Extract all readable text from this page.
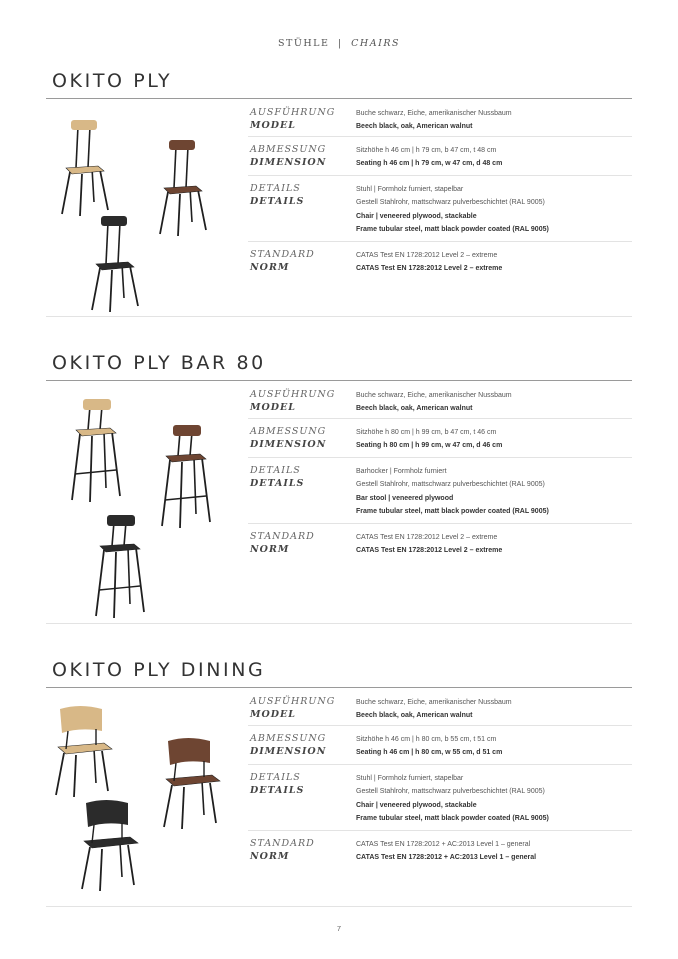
STÜHLE | CHAIRS
OKITO PLY
AUSFÜHRUNG
MODEL
Buche schwarz, Eiche, amerikanischer Nussbaum
Beech black, oak, American walnut
ABMESSUNG
DIMENSION
Sitzhöhe h 46 cm | h 79 cm, b 47 cm, t 48 cm
Seating h 46 cm | h 79 cm, w 47 cm, d 48 cm
DETAILS
DETAILS
Stuhl | Formholz furniert, stapelbar
Gestell Stahlrohr, mattschwarz pulverbeschichtet (RAL 9005)
Chair | veneered plywood, stackable
Frame tubular steel, matt black powder coated (RAL 9005)
STANDARD
NORM
CATAS Test EN 1728:2012 Level 2 – extreme
CATAS Test EN 1728:2012 Level 2 – extreme
OKITO PLY BAR 80
AUSFÜHRUNG
MODEL
Buche schwarz, Eiche, amerikanischer Nussbaum
Beech black, oak, American walnut
ABMESSUNG
DIMENSION
Sitzhöhe h 80 cm | h 99 cm, b 47 cm, t 46 cm
Seating h 80 cm | h 99 cm, w 47 cm, d 46 cm
DETAILS
DETAILS
Barhocker | Formholz furniert
Gestell Stahlrohr, mattschwarz pulverbeschichtet (RAL 9005)
Bar stool | veneered plywood
Frame tubular steel, matt black powder coated (RAL 9005)
STANDARD
NORM
CATAS Test EN 1728:2012 Level 2 – extreme
CATAS Test EN 1728:2012 Level 2 – extreme
OKITO PLY DINING
AUSFÜHRUNG
MODEL
Buche schwarz, Eiche, amerikanischer Nussbaum
Beech black, oak, American walnut
ABMESSUNG
DIMENSION
Sitzhöhe h 46 cm | h 80 cm, b 55 cm, t 51 cm
Seating h 46 cm | h 80 cm, w 55 cm, d 51 cm
DETAILS
DETAILS
Stuhl | Formholz furniert, stapelbar
Gestell Stahlrohr, mattschwarz pulverbeschichtet (RAL 9005)
Chair | veneered plywood, stackable
Frame tubular steel, matt black powder coated (RAL 9005)
STANDARD
NORM
CATAS Test EN 1728:2012 + AC:2013 Level 1 – general
CATAS Test EN 1728:2012 + AC:2013 Level 1 – general
7
